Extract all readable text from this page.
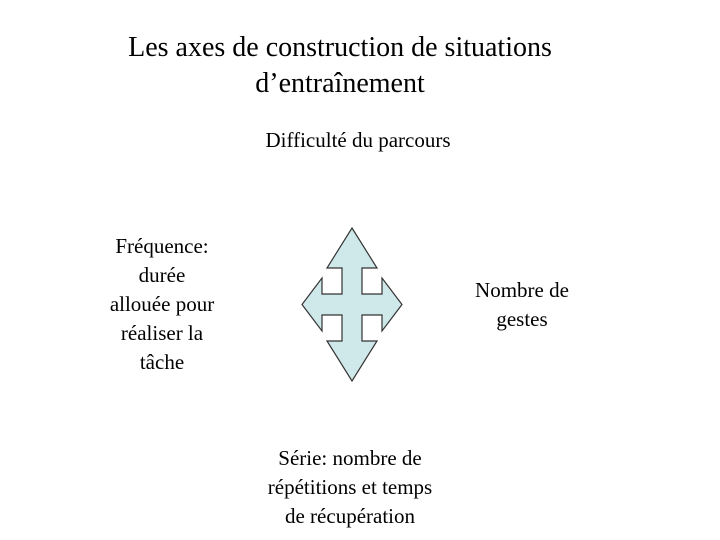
Les axes de construction de situations
d’entraînement
Difficulté du parcours
Fréquence:
durée
allouée pour
réaliser la
tâche
Nombre de
gestes
Série: nombre de
répétitions et temps
de récupération
